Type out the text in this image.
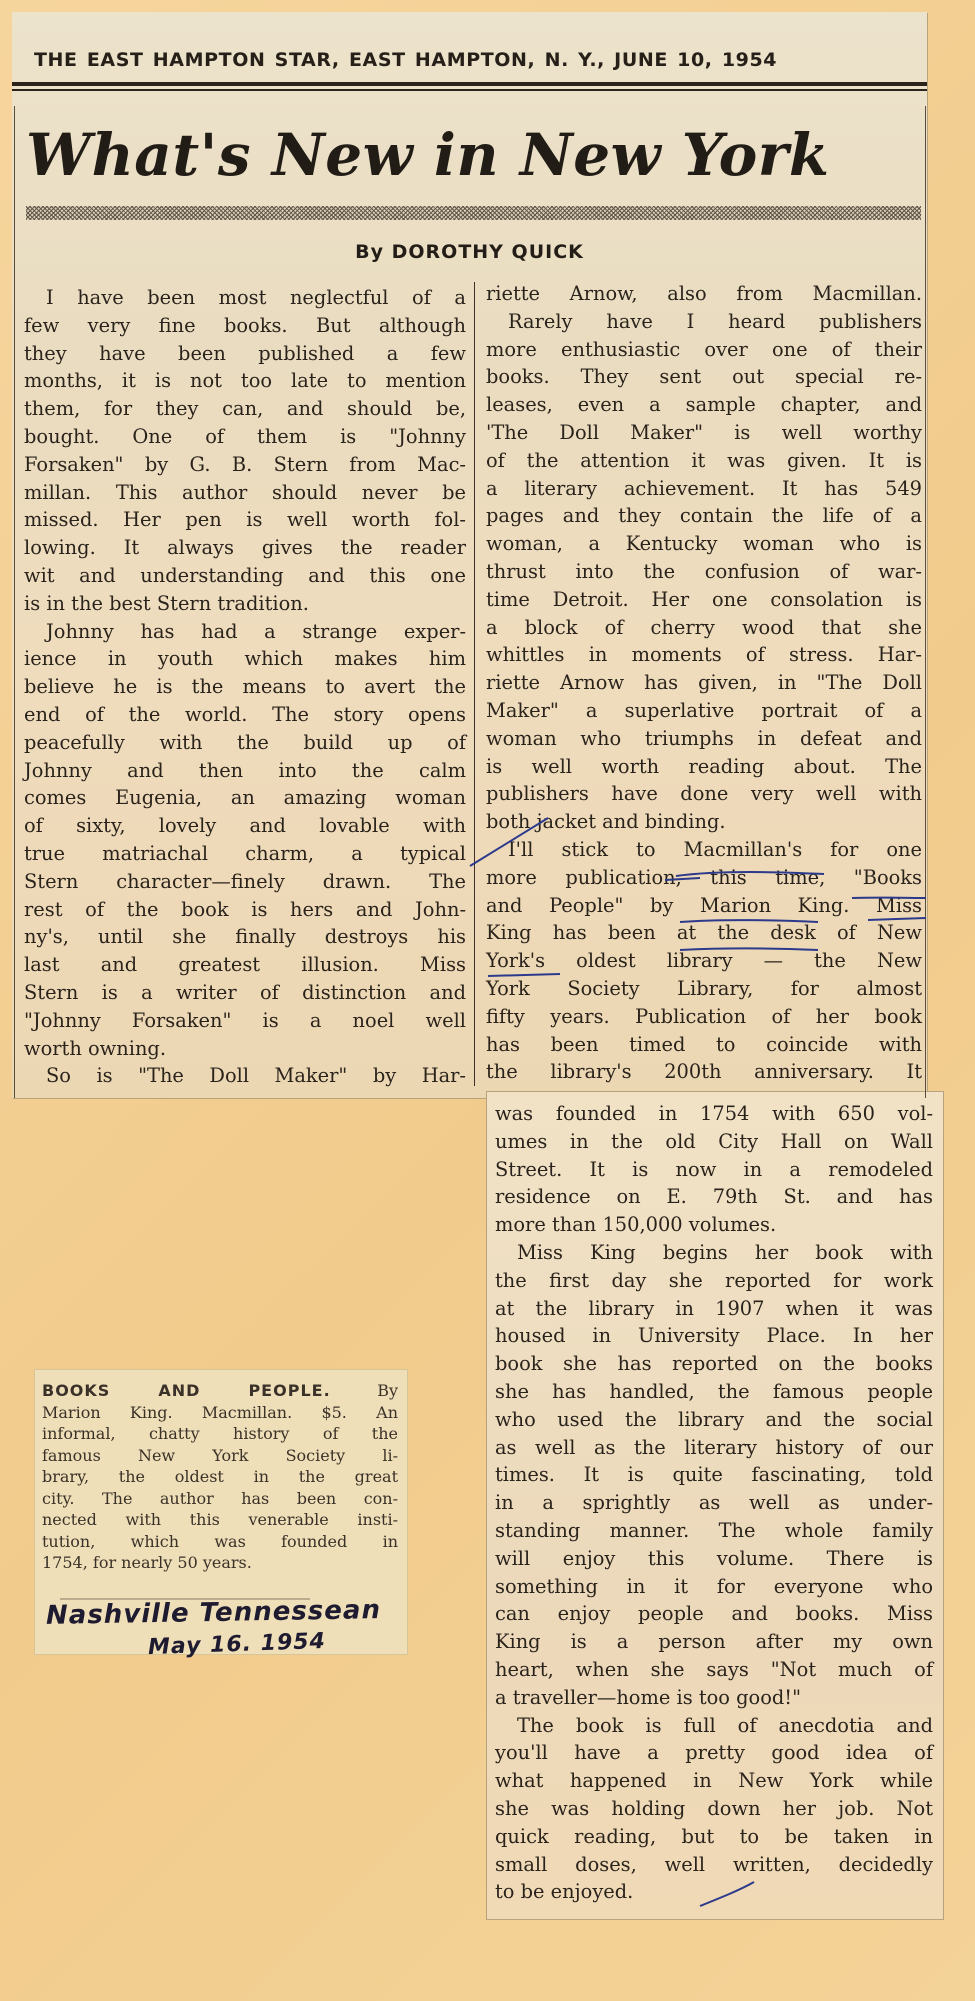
THE EAST HAMPTON STAR, EAST HAMPTON, N. Y., JUNE 10, 1954
What's New in New York
By DOROTHY QUICK
I have been most neglectful of a
few very fine books. But although
they have been published a few
months, it is not too late to mention
them, for they can, and should be,
bought. One of them is "Johnny
Forsaken" by G. B. Stern from Mac-
millan. This author should never be
missed. Her pen is well worth fol-
lowing. It always gives the reader
wit and understanding and this one
is in the best Stern tradition.
Johnny has had a strange exper-
ience in youth which makes him
believe he is the means to avert the
end of the world. The story opens
peacefully with the build up of
Johnny and then into the calm
comes Eugenia, an amazing woman
of sixty, lovely and lovable with
true matriachal charm, a typical
Stern character—finely drawn. The
rest of the book is hers and John-
ny's, until she finally destroys his
last and greatest illusion. Miss
Stern is a writer of distinction and
"Johnny Forsaken" is a noel well
worth owning.
So is "The Doll Maker" by Har-
riette Arnow, also from Macmillan.
Rarely have I heard publishers
more enthusiastic over one of their
books. They sent out special re-
leases, even a sample chapter, and
'The Doll Maker" is well worthy
of the attention it was given. It is
a literary achievement. It has 549
pages and they contain the life of a
woman, a Kentucky woman who is
thrust into the confusion of war-
time Detroit. Her one consolation is
a block of cherry wood that she
whittles in moments of stress. Har-
riette Arnow has given, in "The Doll
Maker" a superlative portrait of a
woman who triumphs in defeat and
is well worth reading about. The
publishers have done very well with
both jacket and binding.
I'll stick to Macmillan's for one
more publication, this time, "Books
and People" by Marion King. Miss
King has been at the desk of New
York's oldest library — the New
York Society Library, for almost
fifty years. Publication of her book
has been timed to coincide with
the library's 200th anniversary. It
was founded in 1754 with 650 vol-
umes in the old City Hall on Wall
Street. It is now in a remodeled
residence on E. 79th St. and has
more than 150,000 volumes.
Miss King begins her book with
the first day she reported for work
at the library in 1907 when it was
housed in University Place. In her
book she has reported on the books
she has handled, the famous people
who used the library and the social
as well as the literary history of our
times. It is quite fascinating, told
in a sprightly as well as under-
standing manner. The whole family
will enjoy this volume. There is
something in it for everyone who
can enjoy people and books. Miss
King is a person after my own
heart, when she says "Not much of
a traveller—home is too good!"
The book is full of anecdotia and
you'll have a pretty good idea of
what happened in New York while
she was holding down her job. Not
quick reading, but to be taken in
small doses, well written, decidedly
to be enjoyed.
BOOKS AND PEOPLE.	By
Marion King. Macmillan. $5. An
informal, chatty history of the
famous New York Society li-
brary, the oldest in the great
city. The author has been con-
nected with this venerable insti-
tution, which was founded in
1754, for nearly 50 years.
Nashville Tennessean
May 16. 1954
